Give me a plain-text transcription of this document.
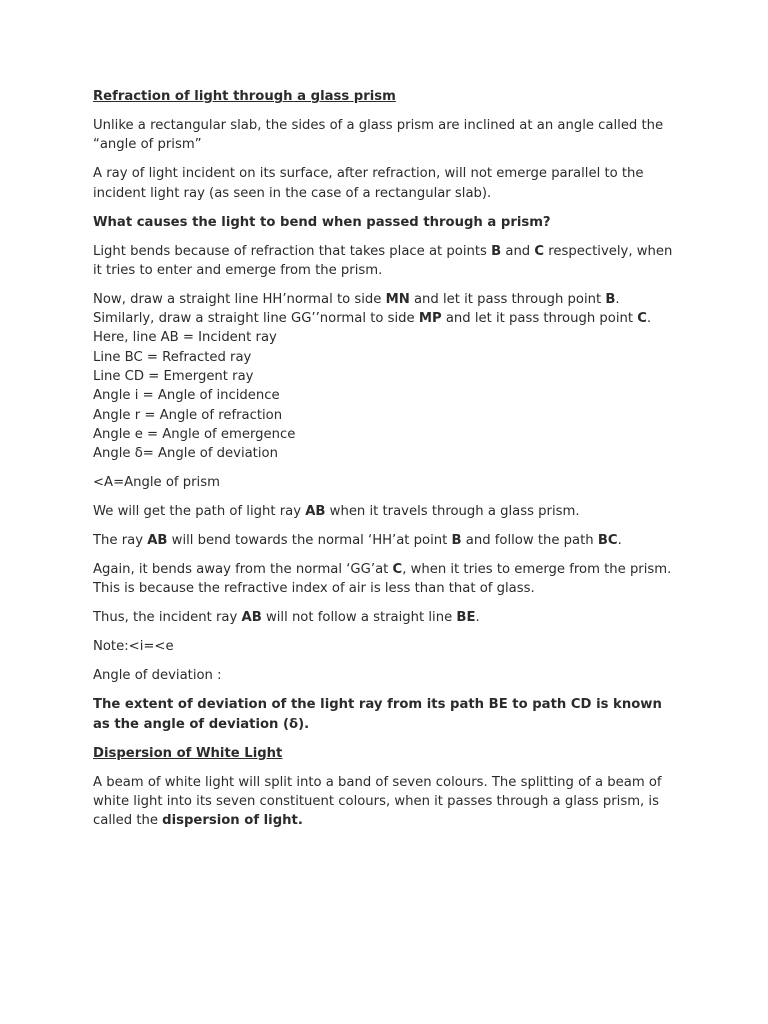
Refraction of light through a glass prism

Unlike a rectangular slab, the sides of a glass prism are inclined at an angle called the “angle of prism”

A ray of light incident on its surface, after refraction, will not emerge parallel to the incident light ray (as seen in the case of a rectangular slab).

What causes the light to bend when passed through a prism?

Light bends because of refraction that takes place at points B and C respectively, when it tries to enter and emerge from the prism.

Now, draw a straight line HH’normal to side MN and let it pass through point B. Similarly, draw a straight line GG’’normal to side MP and let it pass through point C.
Here, line AB = Incident ray
Line BC = Refracted ray
Line CD = Emergent ray
Angle i = Angle of incidence
Angle r = Angle of refraction
Angle e = Angle of emergence
Angle δ= Angle of deviation

<A=Angle of prism

We will get the path of light ray AB when it travels through a glass prism.

The ray AB will bend towards the normal ‘HH’at point B and follow the path BC.

Again, it bends away from the normal ‘GG’at C, when it tries to emerge from the prism. This is because the refractive index of air is less than that of glass.

Thus, the incident ray AB will not follow a straight line BE.

Note:<i=<e

Angle of deviation :

The extent of deviation of the light ray from its path BE to path CD is known as the angle of deviation (δ).

Dispersion of White Light

A beam of white light will split into a band of seven colours. The splitting of a beam of white light into its seven constituent colours, when it passes through a glass prism, is called the dispersion of light.
